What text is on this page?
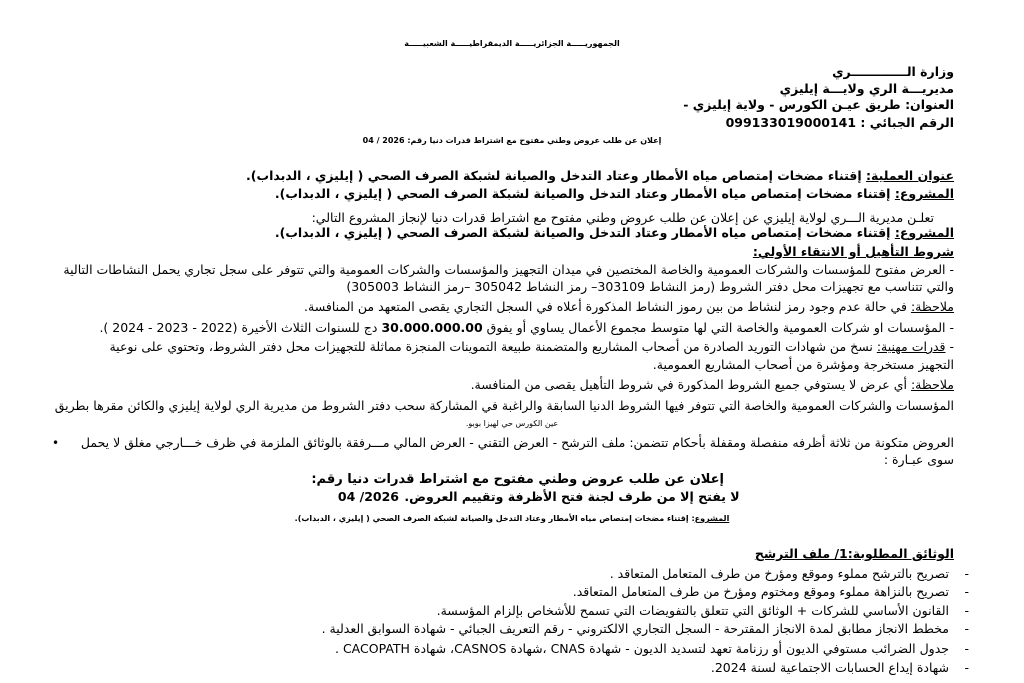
الجمهوريـــــة الجزائريـــــة الديمقراطيـــــة الشعبيـــــة
وزارة الـــــــــــــري
مديريـــة الري ولايـــة إيليزي
العنوان: طريق عيـن الكورس - ولاية إيليزي -
الرقم الجبائي : 099133019000141
إعلان عن طلب عروض وطني مفتوح مع اشتراط قدرات دنيا رقم: 2026 / 04
عنوان العملية: إقتناء مضخات إمتصاص مياه الأمطار وعتاد التدخل والصيانة لشبكة الصرف الصحي ( إيليزي ، الدبداب).
المشروع: إقتناء مضخات إمتصاص مياه الأمطار وعتاد التدخل والصيانة لشبكة الصرف الصحي ( إيليزي ، الدبداب).
تعلـن مديرية الـــري لولاية إيليزي عن إعلان عن طلب عروض وطني مفتوح مع اشتراط قدرات دنيا لإنجاز المشروع التالي:
المشروع: إقتناء مضخات إمتصاص مياه الأمطار وعتاد التدخل والصيانة لشبكة الصرف الصحي ( إيليزي ، الدبداب).
شروط التأهيل أو الانتقاء الأولي:
- العرض مفتوح للمؤسسات والشركات العمومية والخاصة المختصين في ميدان التجهيز والمؤسسات والشركات العمومية والتي تتوفر على سجل تجاري يحمل النشاطات التالية
والتي تتناسب مع تجهيزات محل دفتر الشروط (رمز النشاط 303109– رمز النشاط 305042 –رمز النشاط 305003)
ملاحظة: في حالة عدم وجود رمز لنشاط من بين رموز النشاط المذكورة أعلاه في السجل التجاري يقصى المتعهد من المنافسة.
- المؤسسات او شركات العمومية والخاصة التي لها متوسط مجموع الأعمال يساوي أو يفوق 30.000.000.00 دج للسنوات الثلاث الأخيرة (2022 - 2023 - 2024 ).
- قدرات مهنية: نسخ من شهادات التوريد الصادرة من أصحاب المشاريع والمتضمنة طبيعة التموينات المنجزة مماثلة للتجهيزات محل دفتر الشروط، وتحتوي على نوعية
التجهيز مستخرجة ومؤشرة من أصحاب المشاريع العمومية.
ملاحظة: أي عرض لا يستوفي جميع الشروط المذكورة في شروط التأهيل يقصى من المنافسة.
المؤسسات والشركات العمومية والخاصة التي تتوفر فيها الشروط الدنيا السابقة والراغبة في المشاركة سحب دفتر الشروط من مديرية الري لولاية إيليزي والكائن مقرها بطريق
عين الكورس حي لهيزا بوبو.
• العروض متكونة من ثلاثة أظرفه منفصلة ومقفلة بأحكام تتضمن: ملف الترشح - العرض التقني - العرض المالي مـــرفقة بالوثائق الملزمة في ظرف خـــارجي مغلق لا يحمل
سوى عبـارة :
إعلان عن طلب عروض وطني مفتوح مع اشتراط قدرات دنيا رقم:
2026/ 04 لا يفتح إلا من طرف لجنة فتح الأظرفة وتقييم العروض.
المشروع: إقتناء مضخات إمتصاص مياه الأمطار وعتاد التدخل والصيانة لشبكة الصرف الصحي ( إيليزي ، الدبداب).
الوثائق المطلوبة:1/ ملف الترشح
- تصريح بالترشح مملوء وموقع ومؤرخ من طرف المتعامل المتعاقد .
- تصريح بالنزاهة مملوء وموقع ومختوم ومؤرخ من طرف المتعامل المتعاقد.
- القانون الأساسي للشركات + الوثائق التي تتعلق بالتفويضات التي تسمح للأشخاص بإلزام المؤسسة.
- مخطط الانجاز مطابق لمدة الانجاز المقترحة - السجل التجاري الالكتروني - رقم التعريف الجبائي - شهادة السوابق العدلية .
- جدول الضرائب مستوفي الديون أو رزنامة تعهد لتسديد الديون - شهادة CNAS ،شهادة CASNOS، شهادة CACOPATH .
- شهادة إيداع الحسابات الاجتماعية لسنة 2024.
